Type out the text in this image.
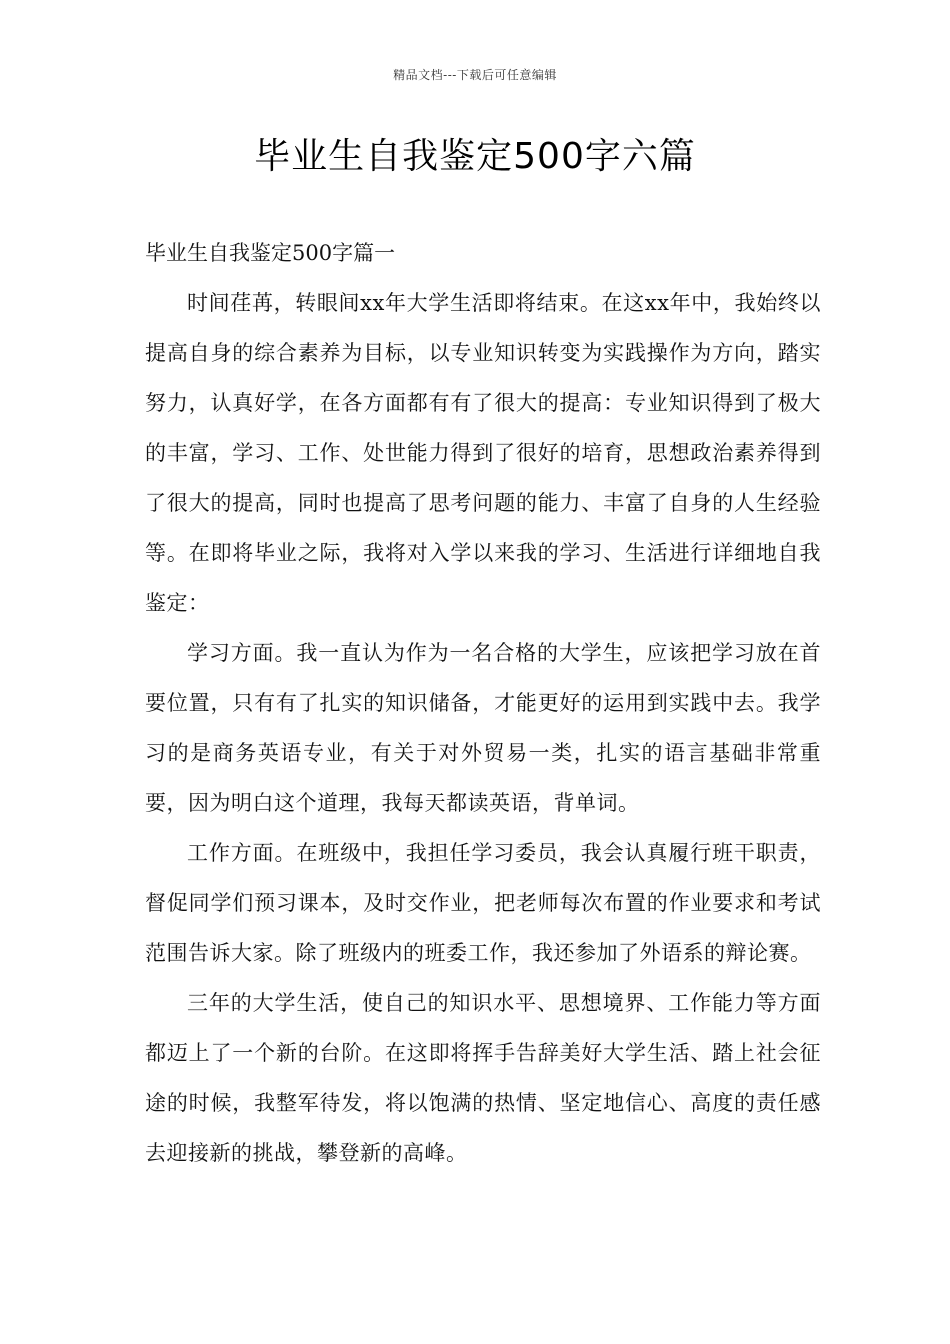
精品文档---下载后可任意编辑
毕业生自我鉴定500字六篇

毕业生自我鉴定500字篇一

时间荏苒，转眼间xx年大学生活即将结束。在这xx年中，我始终以提高自身的综合素养为目标，以专业知识转变为实践操作为方向，踏实努力，认真好学，在各方面都有有了很大的提高：专业知识得到了极大的丰富，学习、工作、处世能力得到了很好的培育，思想政治素养得到了很大的提高，同时也提高了思考问题的能力、丰富了自身的人生经验等。在即将毕业之际，我将对入学以来我的学习、生活进行详细地自我鉴定：

学习方面。我一直认为作为一名合格的大学生，应该把学习放在首要位置，只有有了扎实的知识储备，才能更好的运用到实践中去。我学习的是商务英语专业，有关于对外贸易一类，扎实的语言基础非常重要，因为明白这个道理，我每天都读英语，背单词。

工作方面。在班级中，我担任学习委员，我会认真履行班干职责，督促同学们预习课本，及时交作业，把老师每次布置的作业要求和考试范围告诉大家。除了班级内的班委工作，我还参加了外语系的辩论赛。

三年的大学生活，使自己的知识水平、思想境界、工作能力等方面都迈上了一个新的台阶。在这即将挥手告辞美好大学生活、踏上社会征途的时候，我整军待发，将以饱满的热情、坚定地信心、高度的责任感去迎接新的挑战，攀登新的高峰。
